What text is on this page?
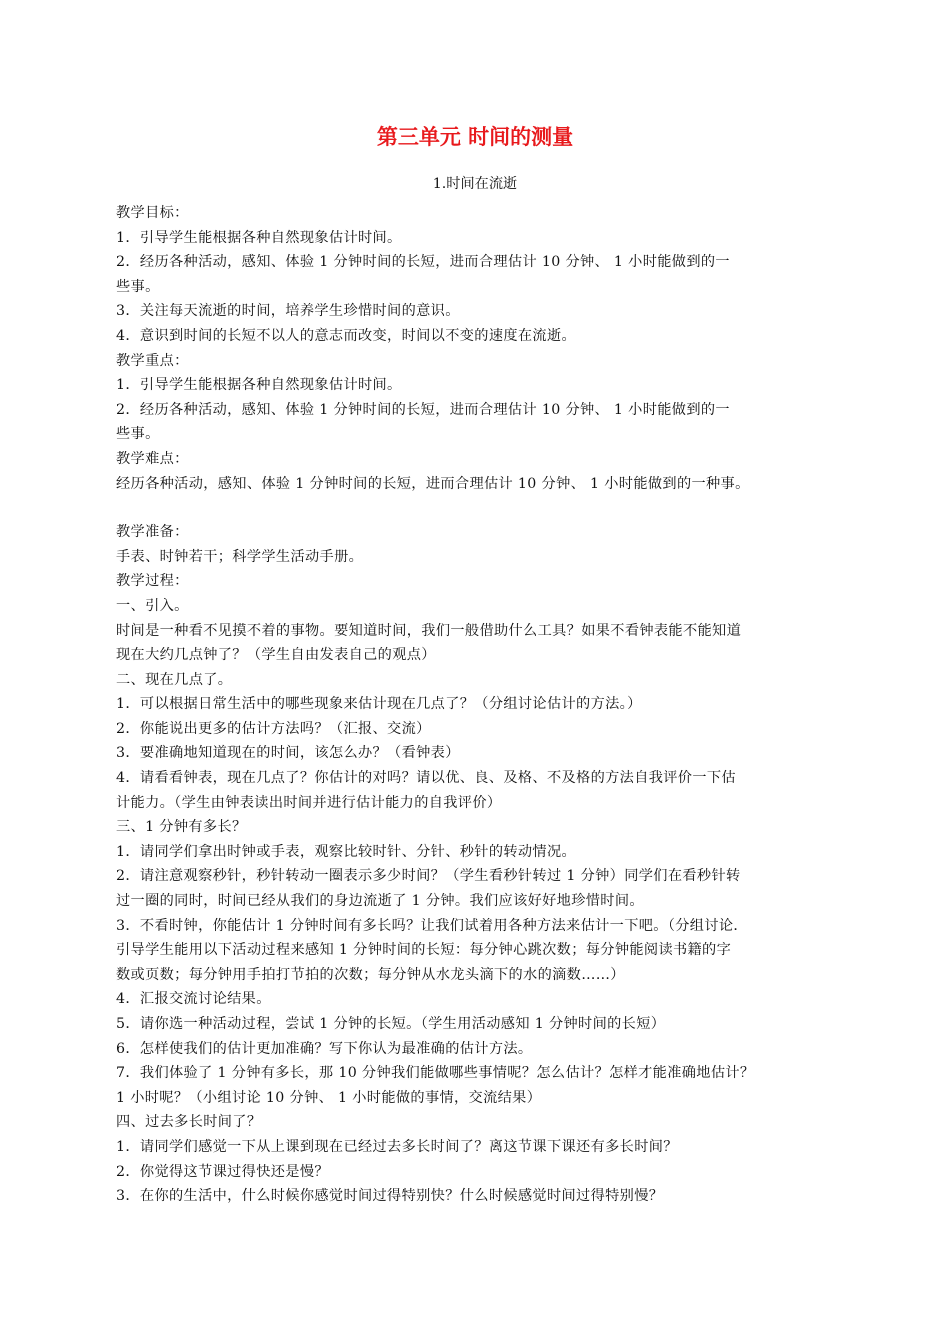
第三单元 时间的测量
1.时间在流逝

教学目标：

1．引导学生能根据各种自然现象估计时间。

2．经历各种活动，感知、体验 1 分钟时间的长短，进而合理估计 10 分钟、 1 小时能做到的一

些事。

3．关注每天流逝的时间，培养学生珍惜时间的意识。

4．意识到时间的长短不以人的意志而改变，时间以不变的速度在流逝。

教学重点：

1．引导学生能根据各种自然现象估计时间。

2．经历各种活动，感知、体验 1 分钟时间的长短，进而合理估计 10 分钟、 1 小时能做到的一

些事。

教学难点：

经历各种活动，感知、体验 1 分钟时间的长短，进而合理估计 10 分钟、 1 小时能做到的一种事。

教学准备：

手表、时钟若干；科学学生活动手册。

教学过程：

一、引入。

时间是一种看不见摸不着的事物。要知道时间，我们一般借助什么工具？如果不看钟表能不能知道

现在大约几点钟了？（学生自由发表自己的观点）

二、现在几点了。

1．可以根据日常生活中的哪些现象来估计现在几点了？（分组讨论估计的方法。）

2．你能说出更多的估计方法吗？（汇报、交流）

3．要准确地知道现在的时间，该怎么办？（看钟表）

4．请看看钟表，现在几点了？你估计的对吗？请以优、良、及格、不及格的方法自我评价一下估

计能力。（学生由钟表读出时间并进行估计能力的自我评价）

三、1 分钟有多长？

1．请同学们拿出时钟或手表，观察比较时针、分针、秒针的转动情况。

2．请注意观察秒针，秒针转动一圈表示多少时间？（学生看秒针转过 1 分钟）同学们在看秒针转

过一圈的同时，时间已经从我们的身边流逝了 1 分钟。我们应该好好地珍惜时间。

3．不看时钟，你能估计 1 分钟时间有多长吗？让我们试着用各种方法来估计一下吧。（分组讨论．

引导学生能用以下活动过程来感知 1 分钟时间的长短：每分钟心跳次数；每分钟能阅读书籍的字

数或页数；每分钟用手拍打节拍的次数；每分钟从水龙头滴下的水的滴数……）

4．汇报交流讨论结果。

5．请你选一种活动过程，尝试 1 分钟的长短。（学生用活动感知 1 分钟时间的长短）

6．怎样使我们的估计更加准确？写下你认为最准确的估计方法。

7．我们体验了 1 分钟有多长，那 10 分钟我们能做哪些事情呢？怎么估计？怎样才能准确地估计？

1 小时呢？（小组讨论 10 分钟、 1 小时能做的事情，交流结果）

四、过去多长时间了？

1．请同学们感觉一下从上课到现在已经过去多长时间了？离这节课下课还有多长时间？

2．你觉得这节课过得快还是慢？

3．在你的生活中，什么时候你感觉时间过得特别快？什么时候感觉时间过得特别慢？
